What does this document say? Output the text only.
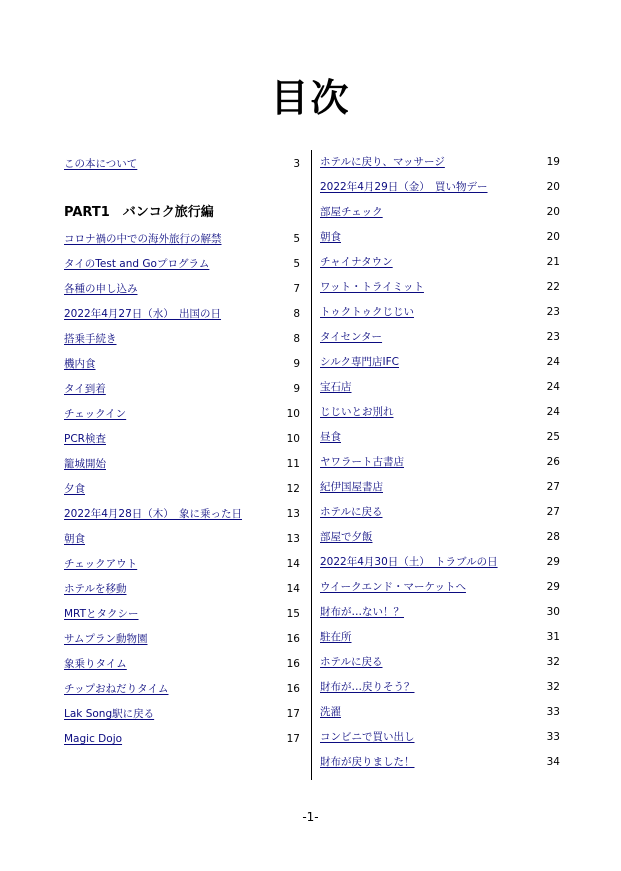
目次
この本について	3
PART1　バンコク旅行編
コロナ禍の中での海外旅行の解禁	5
タイのTest and Goプログラム	5
各種の申し込み	7
2022年4月27日（水）　出国の日	8
搭乗手続き	8
機内食	9
タイ到着	9
チェックイン	10
PCR検査	10
籠城開始	11
夕食	12
2022年4月28日（木）　象に乗った日	13
朝食	13
チェックアウト	14
ホテルを移動	14
MRTとタクシー	15
サムプラン動物園	16
象乗りタイム	16
チップおねだりタイム	16
Lak Song駅に戻る	17
Magic Dojo	17
ホテルに戻り、マッサージ	19
2022年4月29日（金）　買い物デー	20
部屋チェック	20
朝食	20
チャイナタウン	21
ワット・トライミット	22
トゥクトゥクじじい	23
タイセンター	23
シルク専門店IFC	24
宝石店	24
じじいとお別れ	24
昼食	25
ヤワラート古書店	26
紀伊国屋書店	27
ホテルに戻る	27
部屋で夕飯	28
2022年4月30日（土）　トラブルの日	29
ウイークエンド・マーケットへ	29
財布が…ない！？	30
駐在所	31
ホテルに戻る	32
財布が…戻りそう？	32
洗濯	33
コンビニで買い出し	33
財布が戻りました！	34
-1-
